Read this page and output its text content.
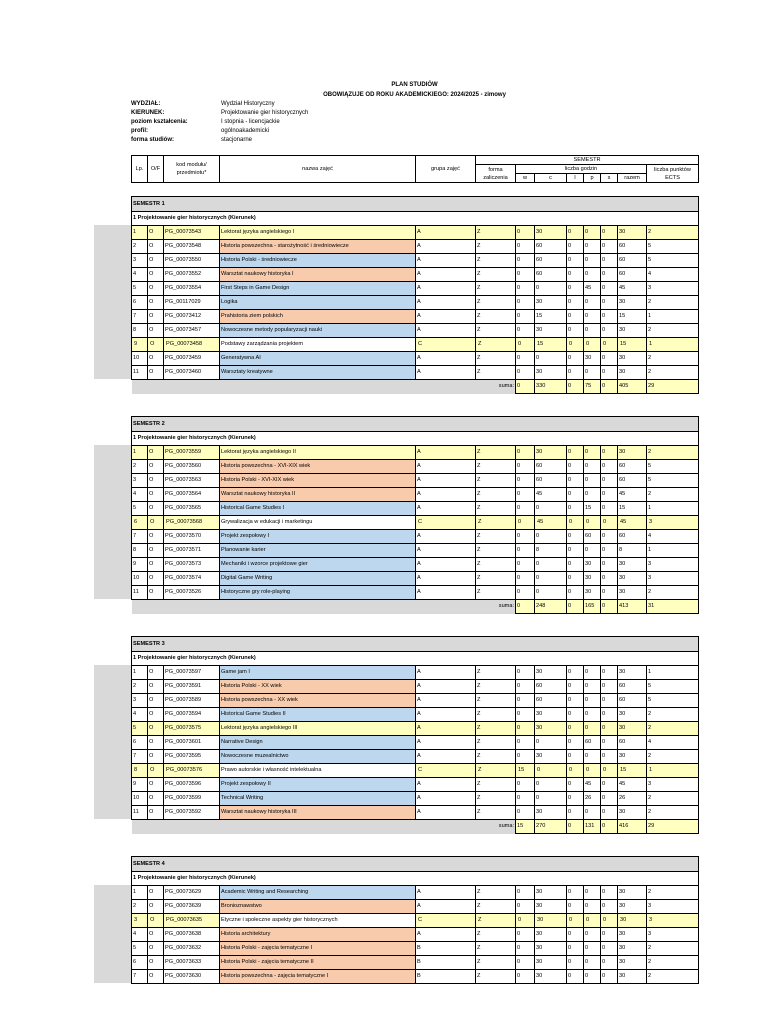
PLAN STUDIÓW
OBOWIĄZUJE OD ROKU AKADEMICKIEGO: 2024/2025 - zimowy
WYDZIAŁ:	Wydział Historyczny
KIERUNEK:	Projektowanie gier historycznych
poziom kształcenia:	I stopnia - licencjackie
profil:	ogólnoakademicki
forma studiów:	stacjonarne
Lp.	O/F	kod modułu/ przedmiotu*	nazwa zajęć	grupa zajęć	SEMESTR							
					forma zaliczenia	liczba godzin						liczba punktów ECTS
						w	c	l	p	s	razem	
SEMESTR 1												
1 Projektowanie gier historycznych (Kierunek)												
1	O	PG_00073543	Lektorat języka angielskiego I	A	Z	0	30	0	0	0	30	2
2	O	PG_00073548	Historia powszechna - starożytność i średniowiecze	A	Z	0	60	0	0	0	60	5
3	O	PG_00073550	Historia Polski - średniowiecze	A	Z	0	60	0	0	0	60	5
4	O	PG_00073552	Warsztat naukowy historyka I	A	Z	0	60	0	0	0	60	4
5	O	PG_00073554	First Steps in Game Design	A	Z	0	0	0	45	0	45	3
6	O	PG_00117029	Logika	A	Z	0	30	0	0	0	30	2
7	O	PG_00073412	Prahistoria ziem polskich	A	Z	0	15	0	0	0	15	1
8	O	PG_00073457	Nowoczesne metody popularyzacji nauki	A	Z	0	30	0	0	0	30	2
9	O	PG_00073458	Podstawy zarządzania projektem	C	Z	0	15	0	0	0	15	1
10	O	PG_00073459	Generatywna AI	A	Z	0	0	0	30	0	30	2
11	O	PG_00073460	Warsztaty kreatywne	A	Z	0	30	0	0	0	30	2
suma:						0	330	0	75	0	405	29
SEMESTR 2												
1 Projektowanie gier historycznych (Kierunek)												
1	O	PG_00073559	Lektorat języka angielskiego II	A	Z	0	30	0	0	0	30	2
2	O	PG_00073560	Historia powszechna - XVI-XIX wiek	A	Z	0	60	0	0	0	60	5
3	O	PG_00073563	Historia Polski - XVI-XIX wiek	A	Z	0	60	0	0	0	60	5
4	O	PG_00073564	Warsztat naukowy historyka II	A	Z	0	45	0	0	0	45	2
5	O	PG_00073565	Historical Game Studies I	A	Z	0	0	0	15	0	15	1
6	O	PG_00073568	Grywalizacja w edukacji i marketingu	C	Z	0	45	0	0	0	45	3
7	O	PG_00073570	Projekt zespołowy I	A	Z	0	0	0	60	0	60	4
8	O	PG_00073571	Planowanie karier	A	Z	0	8	0	0	0	8	1
9	O	PG_00073573	Mechaniki i wzorce projektowe gier	A	Z	0	0	0	30	0	30	3
10	O	PG_00073574	Digital Game Writing	A	Z	0	0	0	30	0	30	3
11	O	PG_00073526	Historyczne gry role-playing	A	Z	0	0	0	30	0	30	2
suma:						0	248	0	165	0	413	31
SEMESTR 3												
1 Projektowanie gier historycznych (Kierunek)												
1	O	PG_00073597	Game jam I	A	Z	0	30	0	0	0	30	1
2	O	PG_00073591	Historia Polski - XX wiek	A	Z	0	60	0	0	0	60	5
3	O	PG_00073589	Historia powszechna - XX wiek	A	Z	0	60	0	0	0	60	5
4	O	PG_00073594	Historical Game Studies II	A	Z	0	30	0	0	0	30	2
5	O	PG_00073575	Lektorat języka angielskiego III	A	Z	0	30	0	0	0	30	2
6	O	PG_00073601	Narrative Design	A	Z	0	0	0	60	0	60	4
7	O	PG_00073595	Nowoczesne muzealnictwo	A	Z	0	30	0	0	0	30	2
8	O	PG_00073576	Prawo autorskie i własność intelektualna	C	Z	15	0	0	0	0	15	1
9	O	PG_00073596	Projekt zespołowy II	A	Z	0	0	0	45	0	45	3
10	O	PG_00073599	Technical Writing	A	Z	0	0	0	26	0	26	2
11	O	PG_00073592	Warsztat naukowy historyka III	A	Z	0	30	0	0	0	30	2
suma:						15	270	0	131	0	416	29
SEMESTR 4												
1 Projektowanie gier historycznych (Kierunek)												
1	O	PG_00073629	Academic Writing and Researching	A	Z	0	30	0	0	0	30	2
2	O	PG_00073639	Bronioznawstwo	A	Z	0	30	0	0	0	30	3
3	O	PG_00073635	Etyczne i społeczne aspekty gier historycznych	C	Z	0	30	0	0	0	30	3
4	O	PG_00073638	Historia architektury	A	Z	0	30	0	0	0	30	3
5	O	PG_00073632	Historia Polski - zajęcia tematyczne I	B	Z	0	30	0	0	0	30	2
6	O	PG_00073633	Historia Polski - zajęcia tematyczne II	B	Z	0	30	0	0	0	30	2
7	O	PG_00073630	Historia powszechna - zajęcia tematyczne I	B	Z	0	30	0	0	0	30	2
